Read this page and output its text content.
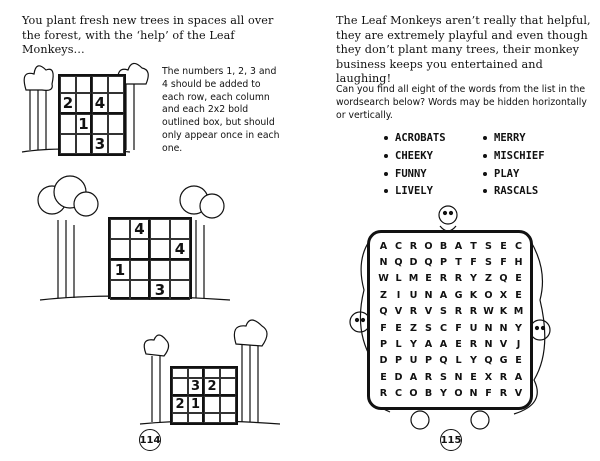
You plant fresh new trees in spaces all over the forest, with the ‘help’ of the Leaf Monkeys…
The numbers 1, 2, 3 and 4 should be added to each row, each column and each 2x2 bold outlined box, but should only appear once in each one.
114
2 4
1
3
4
4
1
3
3 2
2 1
The Leaf Monkeys aren’t really that helpful, they are extremely playful and even though they don’t plant many trees, their monkey business keeps you entertained and laughing!
Can you find all eight of the words from the list in the wordsearch below? Words may be hidden horizontally or vertically.
ACROBATS
CHEEKY
FUNNY
LIVELY
MERRY
MISCHIEF
PLAY
RASCALS
115
A C R O B A T S E C
N Q D Q P T F S F H
W L M E R R Y Z Q E
Z	I U N A G K O X E
Q V R V S R R W K M
F E Z S C F U N N Y
P L Y A A E R N V J
D P U P Q L Y Q G E
E D A R S N E X R A
R C O B Y O N F R V
